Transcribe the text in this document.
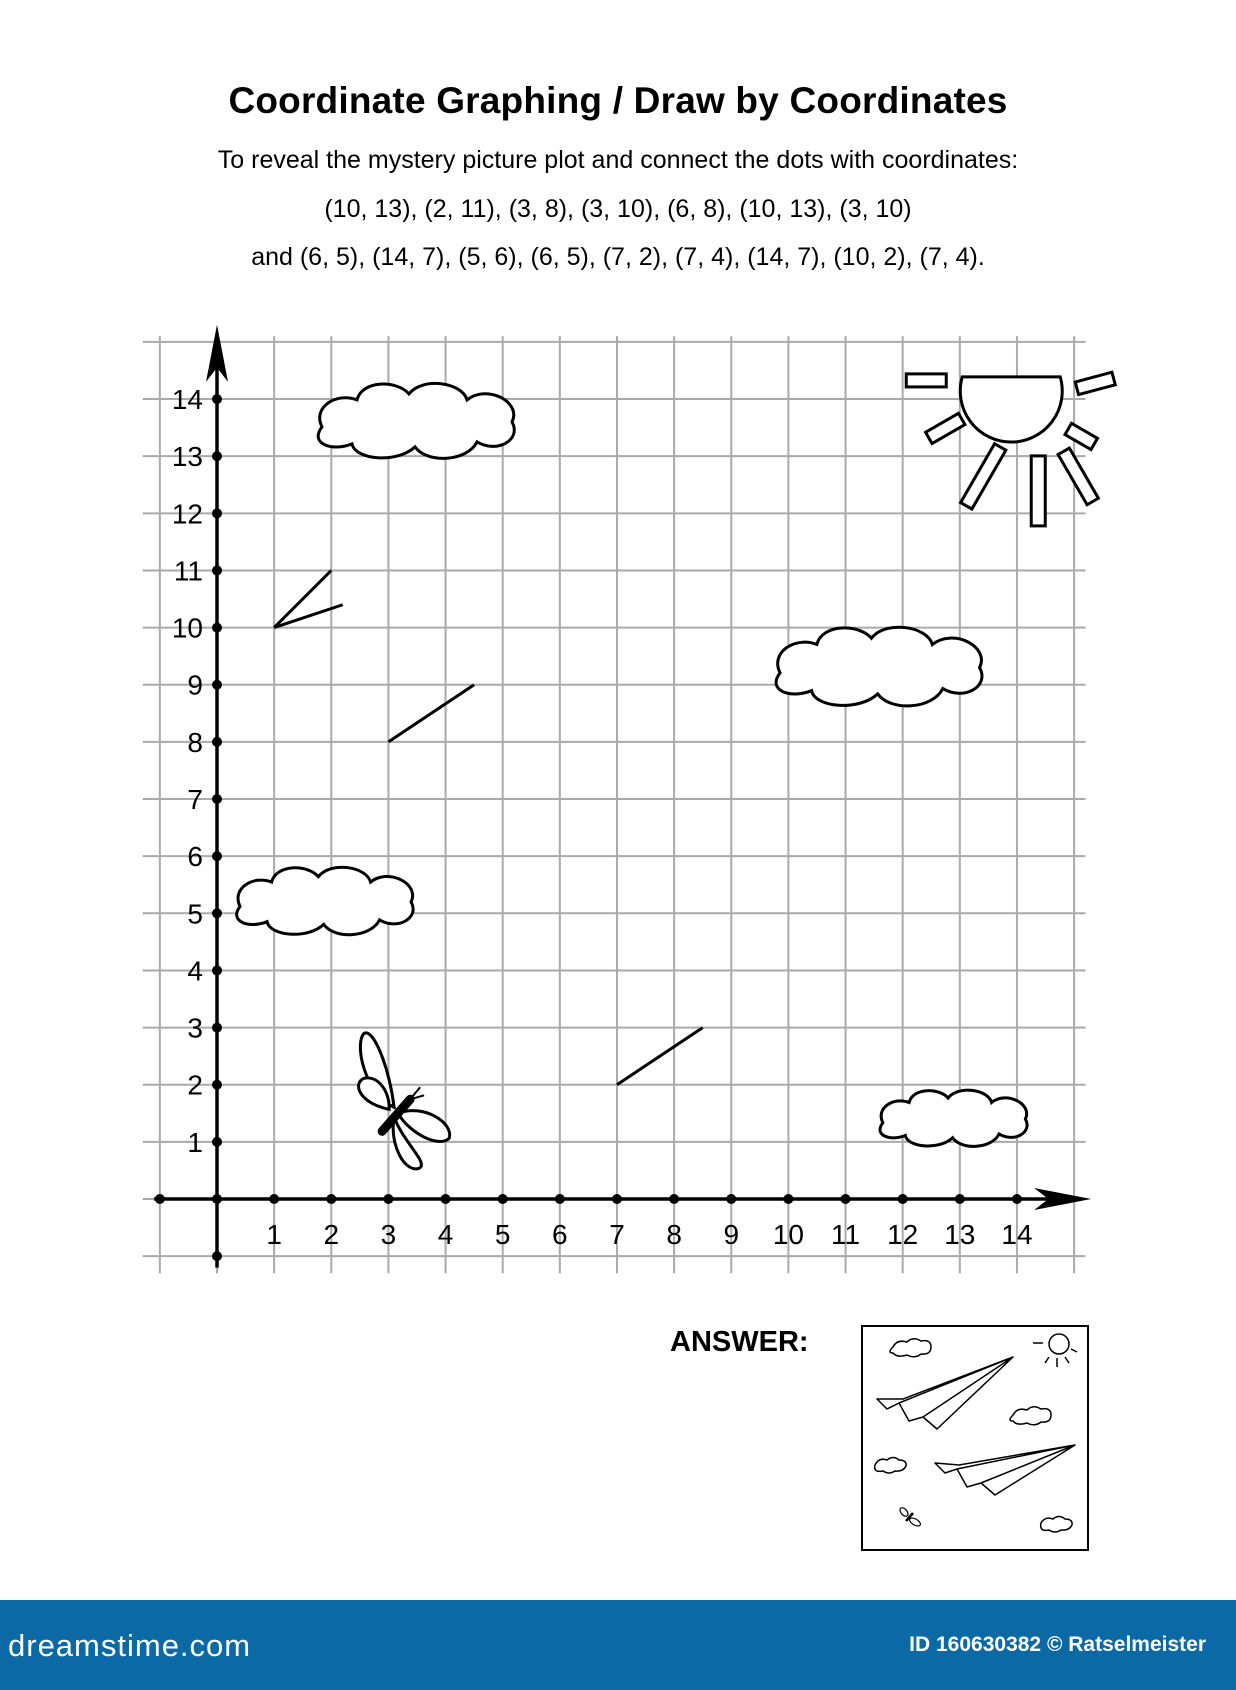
Coordinate Graphing / Draw by Coordinates
To reveal the mystery picture plot and connect the dots with coordinates:
(10, 13), (2, 11), (3, 8), (3, 10), (6, 8), (10, 13), (3, 10)
and (6, 5), (14, 7), (5, 6), (6, 5), (7, 2), (7, 4), (14, 7), (10, 2), (7, 4).
1 2 3 4 5 6 7 8 9 10 11 12 13 14
1
2
3
4
5
6
7
8
9
10
11
12
13
14
ANSWER:
dreamstime.com	ID 160630382 © Ratselmeister
